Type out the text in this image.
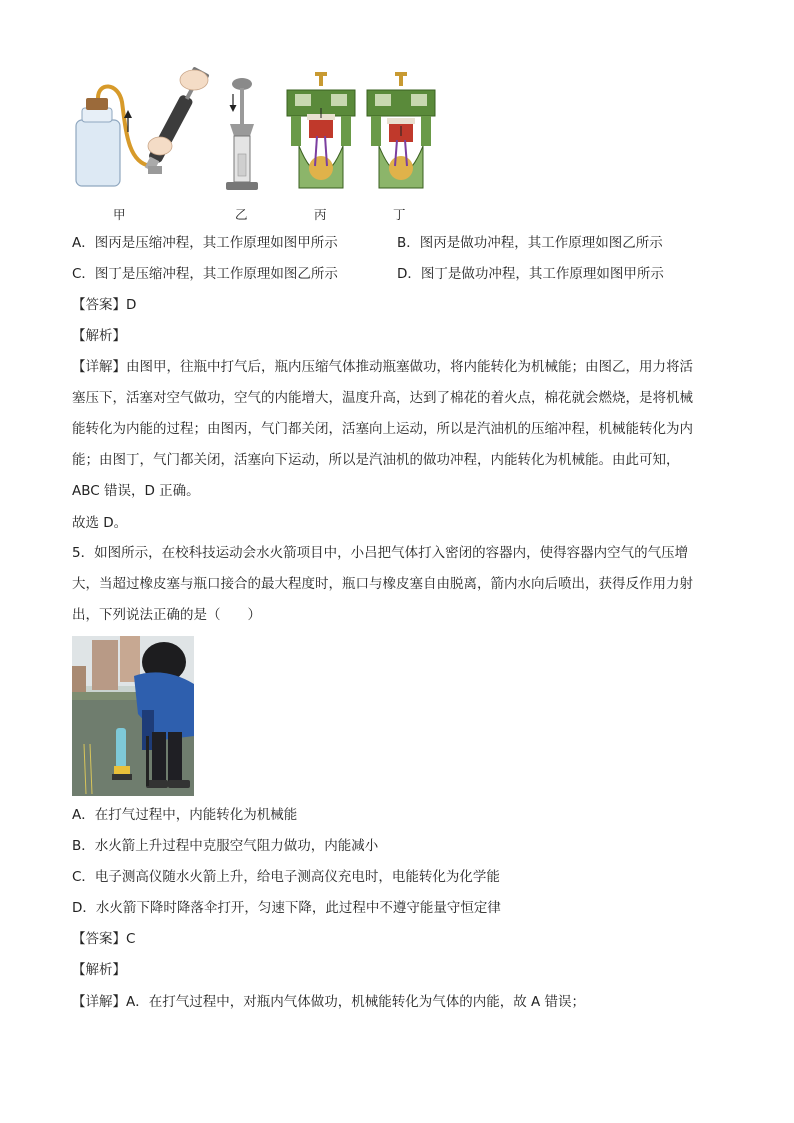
甲	乙	丙	丁
A．图丙是压缩冲程，其工作原理如图甲所示	B．图丙是做功冲程，其工作原理如图乙所示
C．图丁是压缩冲程，其工作原理如图乙所示	D．图丁是做功冲程，其工作原理如图甲所示
【答案】D
【解析】
【详解】由图甲，往瓶中打气后，瓶内压缩气体推动瓶塞做功，将内能转化为机械能；由图乙，用力将活
塞压下，活塞对空气做功，空气的内能增大，温度升高，达到了棉花的着火点，棉花就会燃烧，是将机械
能转化为内能的过程；由图丙，气门都关闭，活塞向上运动，所以是汽油机的压缩冲程，机械能转化为内
能；由图丁，气门都关闭，活塞向下运动，所以是汽油机的做功冲程，内能转化为机械能。由此可知，
ABC 错误，D 正确。
故选 D。
5．如图所示，在校科技运动会水火箭项目中，小吕把气体打入密闭的容器内，使得容器内空气的气压增
大，当超过橡皮塞与瓶口接合的最大程度时，瓶口与橡皮塞自由脱离，箭内水向后喷出，获得反作用力射
出，下列说法正确的是（　　）
A．在打气过程中，内能转化为机械能
B．水火箭上升过程中克服空气阻力做功，内能减小
C．电子测高仪随水火箭上升，给电子测高仪充电时，电能转化为化学能
D．水火箭下降时降落伞打开，匀速下降，此过程中不遵守能量守恒定律
【答案】C
【解析】
【详解】A．在打气过程中，对瓶内气体做功，机械能转化为气体的内能，故 A 错误；
